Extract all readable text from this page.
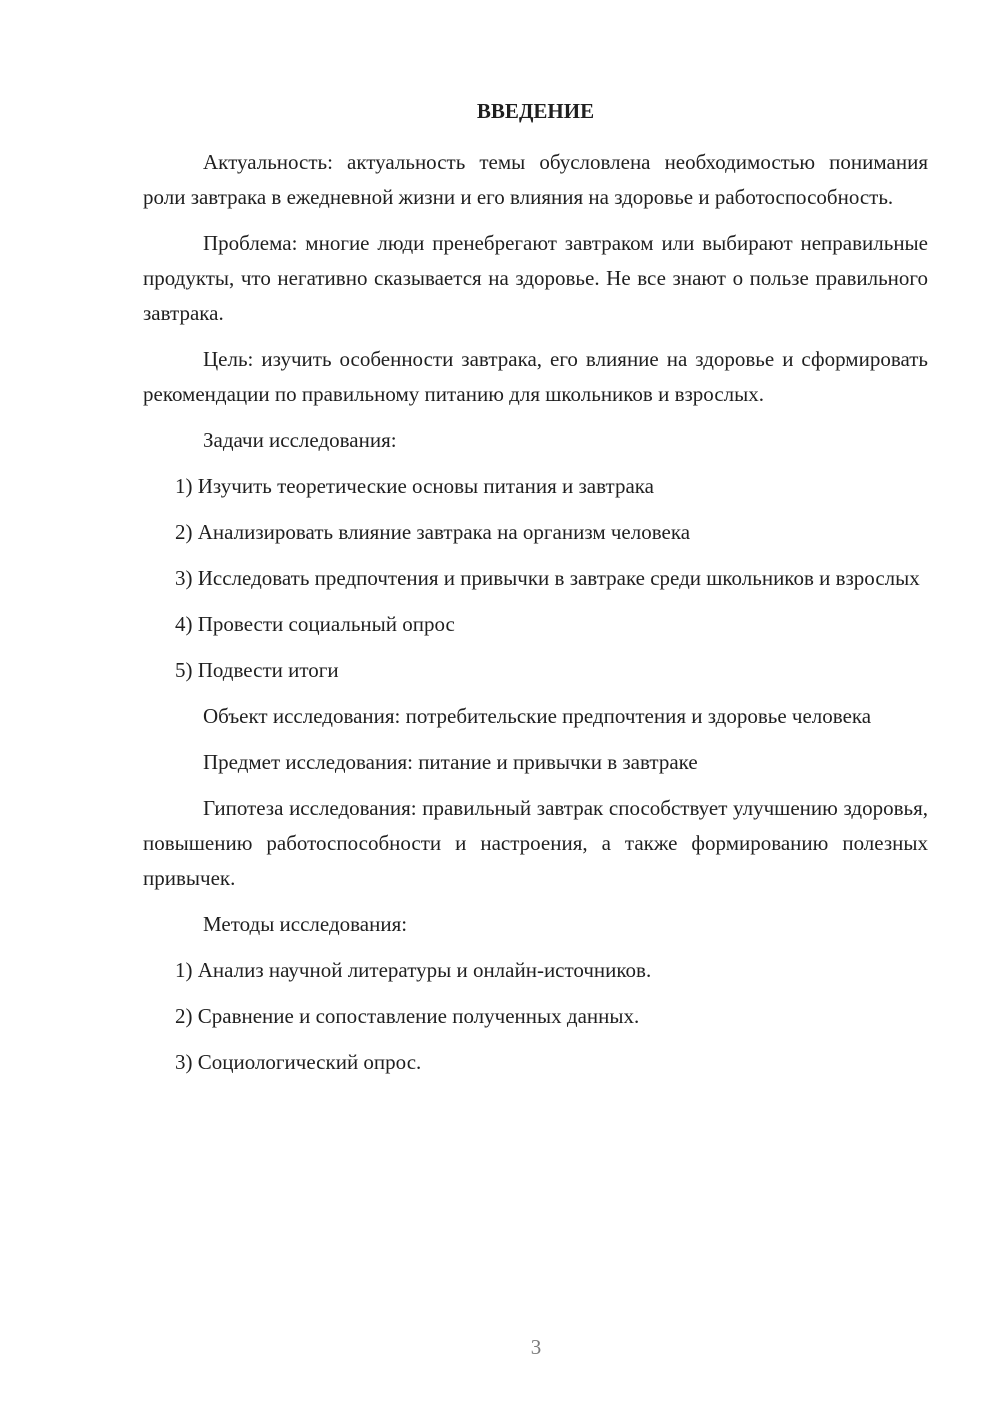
ВВЕДЕНИЕ
Актуальность: актуальность темы обусловлена необходимостью понимания роли завтрака в ежедневной жизни и его влияния на здоровье и работоспособность.
Проблема: многие люди пренебрегают завтраком или выбирают неправильные продукты, что негативно сказывается на здоровье. Не все знают о пользе правильного завтрака.
Цель: изучить особенности завтрака, его влияние на здоровье и сформировать рекомендации по правильному питанию для школьников и взрослых.
Задачи исследования:
1) Изучить теоретические основы питания и завтрака
2) Анализировать влияние завтрака на организм человека
3) Исследовать предпочтения и привычки в завтраке среди школьников и взрослых
4) Провести социальный опрос
5) Подвести итоги
Объект исследования: потребительские предпочтения и здоровье человека
Предмет исследования: питание и привычки в завтраке
Гипотеза исследования: правильный завтрак способствует улучшению здоровья, повышению работоспособности и настроения, а также формированию полезных привычек.
Методы исследования:
1) Анализ научной литературы и онлайн-источников.
2) Сравнение и сопоставление полученных данных.
3) Социологический опрос.
3
